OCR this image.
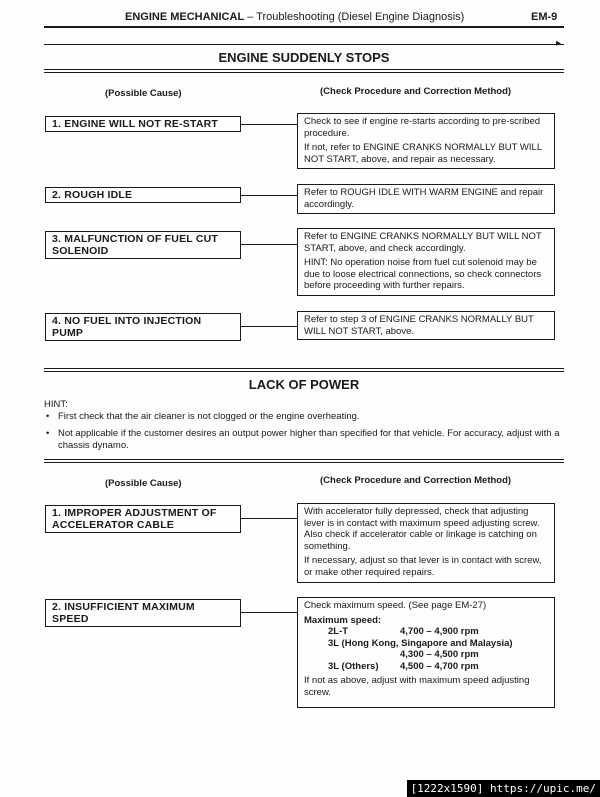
ENGINE MECHANICAL – Troubleshooting (Diesel Engine Diagnosis)	EM-9
ENGINE SUDDENLY STOPS
(Possible Cause)	(Check Procedure and Correction Method)
1. ENGINE WILL NOT RE-START	Check to see if engine re-starts according to pre-scribed procedure.

If not, refer to ENGINE CRANKS NORMALLY BUT WILL NOT START, above, and repair as necessary.

2. ROUGH IDLE	Refer to ROUGH IDLE WITH WARM ENGINE and repair accordingly.

3. MALFUNCTION OF FUEL CUT SOLENOID

Refer to ENGINE CRANKS NORMALLY BUT WILL NOT START, above, and check accordingly.

HINT: No operation noise from fuel cut solenoid may be due to loose electrical connections, so check connectors before proceeding with further repairs.

4. NO FUEL INTO INJECTION PUMP

Refer to step 3 of ENGINE CRANKS NORMALLY BUT WILL NOT START, above.

LACK OF POWER
HINT:
• First check that the air cleaner is not clogged or the engine overheating.
• Not applicable if the customer desires an output power higher than specified for that vehicle. For accuracy, adjust with a chassis dynamo.
(Possible Cause)	(Check Procedure and Correction Method)
1. IMPROPER ADJUSTMENT OF ACCELERATOR CABLE

With accelerator fully depressed, check that adjusting lever is in contact with maximum speed adjusting screw. Also check if accelerator cable or linkage is catching on something.

If necessary, adjust so that lever is in contact with screw, or make other required repairs.

2. INSUFFICIENT MAXIMUM SPEED

Check maximum speed. (See page EM-27)

Maximum speed:
2L-T	4,700 – 4,900 rpm
3L (Hong Kong, Singapore and Malaysia)
4,300 – 4,500 rpm
3L (Others) 4,500 – 4,700 rpm

If not as above, adjust with maximum speed adjusting screw.

[1222x1590] https://upic.me/
